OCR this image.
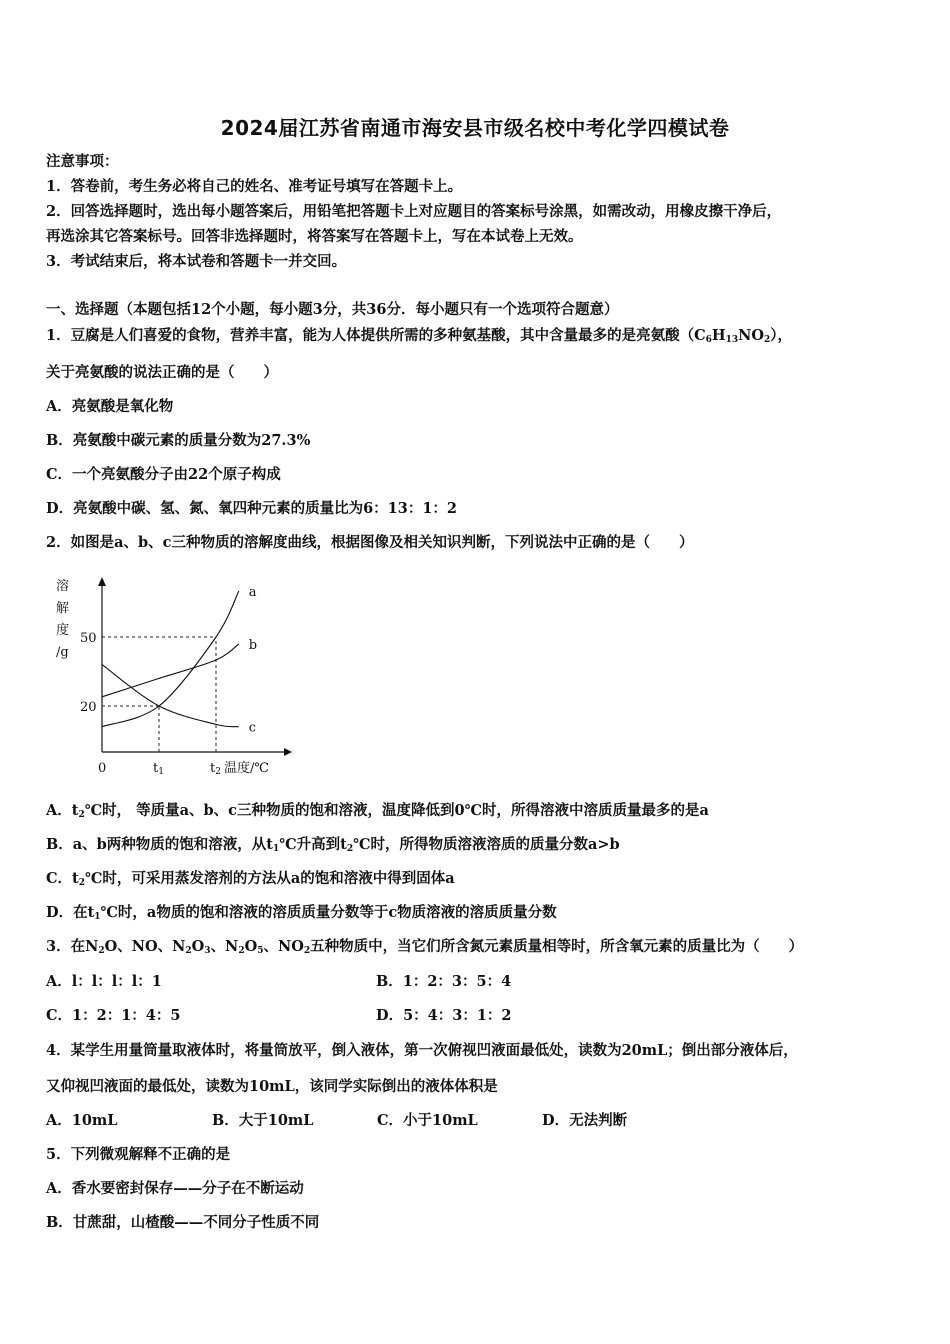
2024届江苏省南通市海安县市级名校中考化学四模试卷
注意事项：
1．答卷前，考生务必将自己的姓名、准考证号填写在答题卡上。
2．回答选择题时，选出每小题答案后，用铅笔把答题卡上对应题目的答案标号涂黑，如需改动，用橡皮擦干净后，
再选涂其它答案标号。回答非选择题时，将答案写在答题卡上，写在本试卷上无效。
3．考试结束后，将本试卷和答题卡一并交回。
一、选择题（本题包括12个小题，每小题3分，共36分．每小题只有一个选项符合题意）
1．豆腐是人们喜爱的食物，营养丰富，能为人体提供所需的多种氨基酸，其中含量最多的是亮氨酸$(C_6H_{13}NO_2)$，
关于亮氨酸的说法正确的是（　　）
A．亮氨酸是氧化物
B．亮氨酸中碳元素的质量分数为27.3%
C．一个亮氨酸分子由22个原子构成
D．亮氨酸中碳、氢、氮、氧四种元素的质量比为6：13：1：2
2．如图是a、b、c三种物质的溶解度曲线，根据图像及相关知识判断，下列说法中正确的是（　　）
溶
解
度
/g
a
b
c
0	t1	t2
50
20
温度/℃
A．$t_2℃$时， 等质量a、b、c三种物质的饱和溶液，温度降低到0℃时，所得溶液中溶质质量最多的是a
B．a、b两种物质的饱和溶液，从$t_1℃$升高到$t_2℃$时，所得物质溶液溶质的质量分数a>b
C．$t_2℃$时，可采用蒸发溶剂的方法从a的饱和溶液中得到固体a
D．在$t_1℃$时，a物质的饱和溶液的溶质质量分数等于c物质溶液的溶质质量分数
3．在$N_2O$、NO、$N_2O_3$、$N_2O_5$、$NO_2$五种物质中，当它们所含氮元素质量相等时，所含氧元素的质量比为（　　）
A．l：l：l：l：1	B．1：2：3：5：4
C．1：2：1：4：5	D．5：4：3：1：2
4．某学生用量筒量取液体时，将量筒放平，倒入液体，第一次俯视凹液面最低处，读数为20mL；倒出部分液体后，
又仰视凹液面的最低处，读数为10mL，该同学实际倒出的液体体积是
A．10mL	B．大于10mL	C．小于10mL	D．无法判断
5．下列微观解释不正确的是
A．香水要密封保存——分子在不断运动
B．甘蔗甜，山楂酸——不同分子性质不同
